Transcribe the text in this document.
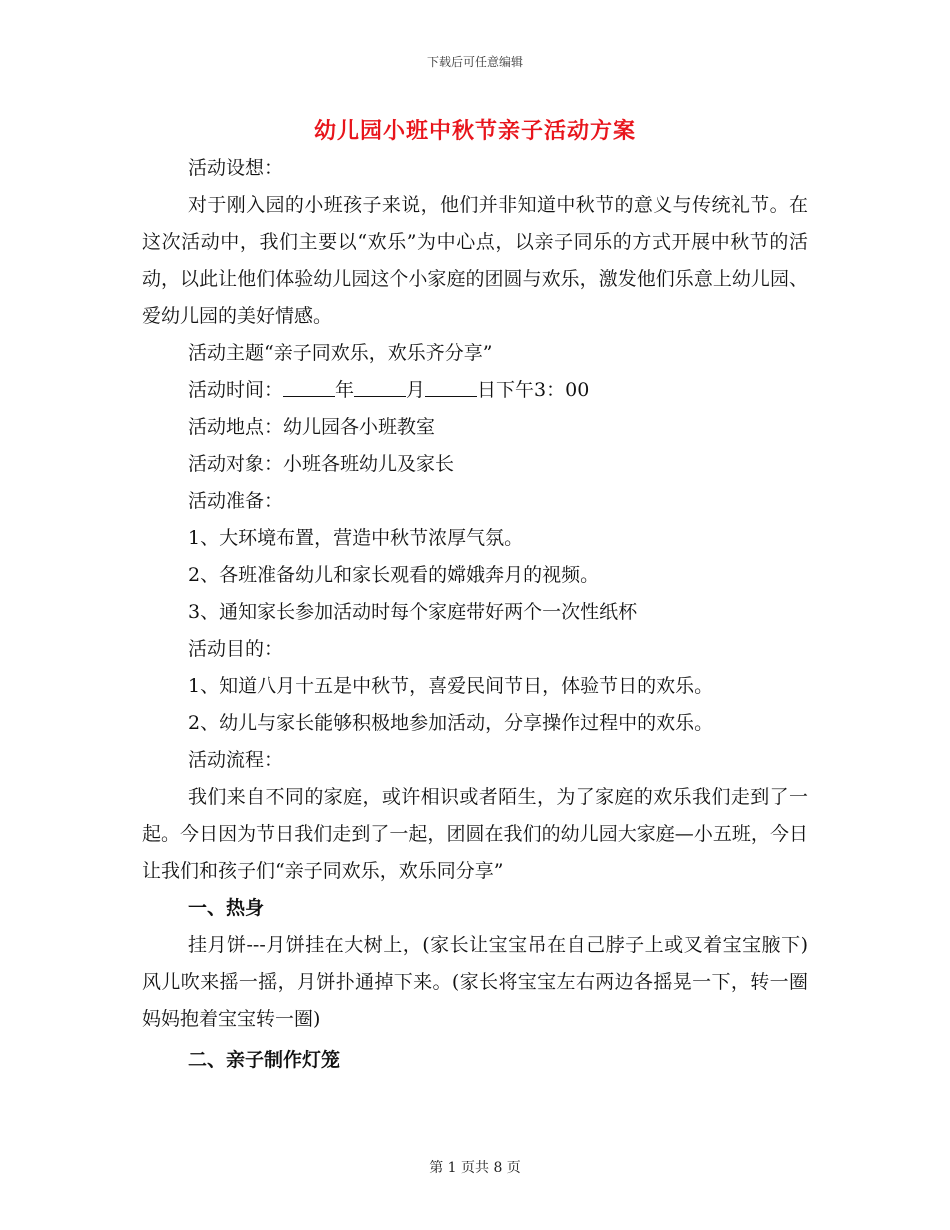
下载后可任意编辑
幼儿园小班中秋节亲子活动方案

活动设想：

对于刚入园的小班孩子来说，他们并非知道中秋节的意义与传统礼节。在这次活动中，我们主要以“欢乐”为中心点，以亲子同乐的方式开展中秋节的活动，以此让他们体验幼儿园这个小家庭的团圆与欢乐，激发他们乐意上幼儿园、爱幼儿园的美好情感。

活动主题“亲子同欢乐，欢乐齐分享”

活动时间：	年	月	日下午3：00

活动地点：幼儿园各小班教室

活动对象：小班各班幼儿及家长

活动准备：

1、大环境布置，营造中秋节浓厚气氛。

2、各班准备幼儿和家长观看的嫦娥奔月的视频。

3、通知家长参加活动时每个家庭带好两个一次性纸杯

活动目的：

1、知道八月十五是中秋节，喜爱民间节日，体验节日的欢乐。

2、幼儿与家长能够积极地参加活动，分享操作过程中的欢乐。

活动流程：

我们来自不同的家庭，或许相识或者陌生，为了家庭的欢乐我们走到了一起。今日因为节日我们走到了一起，团圆在我们的幼儿园大家庭—小五班，今日让我们和孩子们“亲子同欢乐，欢乐同分享”

一、热身

挂月饼---月饼挂在大树上，(家长让宝宝吊在自己脖子上或叉着宝宝腋下)风儿吹来摇一摇，月饼扑通掉下来。(家长将宝宝左右两边各摇晃一下，转一圈妈妈抱着宝宝转一圈)

二、亲子制作灯笼

第 1 页共 8 页
